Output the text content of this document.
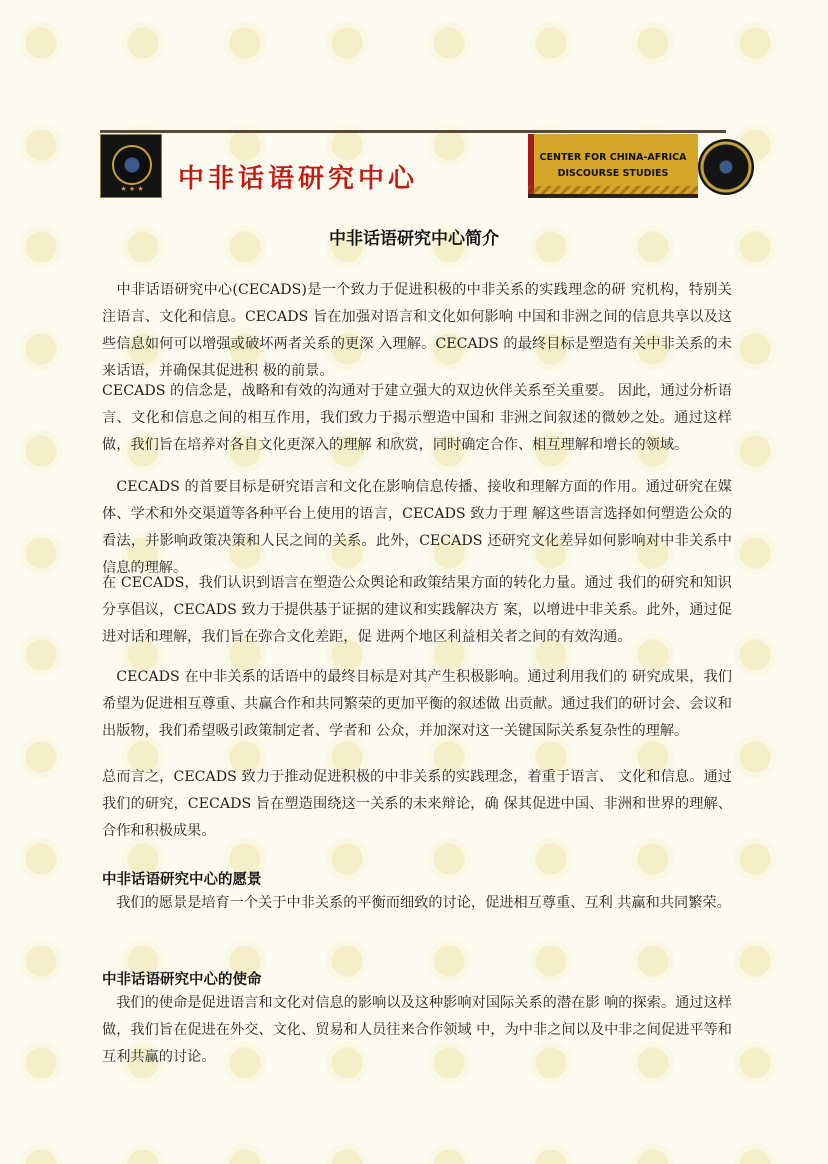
★ ★ ★	中非话语研究中心
CENTER FOR CHINA-AFRICA
DISCOURSE STUDIES
中非话语研究中心简介

　中非话语研究中心(CECADS)是一个致力于促进积极的中非关系的实践理念的研 究机构，特别关注语言、文化和信息。CECADS 旨在加强对语言和文化如何影响 中国和非洲之间的信息共享以及这些信息如何可以增强或破坏两者关系的更深 入理解。CECADS 的最终目标是塑造有关中非关系的未来话语，并确保其促进积 极的前景。

CECADS 的信念是，战略和有效的沟通对于建立强大的双边伙伴关系至关重要。 因此，通过分析语言、文化和信息之间的相互作用，我们致力于揭示塑造中国和 非洲之间叙述的微妙之处。通过这样做，我们旨在培养对各自文化更深入的理解 和欣赏，同时确定合作、相互理解和增长的领域。

　CECADS 的首要目标是研究语言和文化在影响信息传播、接收和理解方面的作用。通过研究在媒体、学术和外交渠道等各种平台上使用的语言，CECADS 致力于理 解这些语言选择如何塑造公众的看法，并影响政策决策和人民之间的关系。此外，CECADS 还研究文化差异如何影响对中非关系中信息的理解。

在 CECADS，我们认识到语言在塑造公众舆论和政策结果方面的转化力量。通过 我们的研究和知识分享倡议，CECADS 致力于提供基于证据的建议和实践解决方 案，以增进中非关系。此外，通过促进对话和理解，我们旨在弥合文化差距，促 进两个地区利益相关者之间的有效沟通。

　CECADS 在中非关系的话语中的最终目标是对其产生积极影响。通过利用我们的 研究成果，我们希望为促进相互尊重、共赢合作和共同繁荣的更加平衡的叙述做 出贡献。通过我们的研讨会、会议和出版物，我们希望吸引政策制定者、学者和 公众，并加深对这一关键国际关系复杂性的理解。

总而言之，CECADS 致力于推动促进积极的中非关系的实践理念，着重于语言、 文化和信息。通过我们的研究，CECADS 旨在塑造围绕这一关系的未来辩论，确 保其促进中国、非洲和世界的理解、合作和积极成果。

中非话语研究中心的愿景

　我们的愿景是培育一个关于中非关系的平衡而细致的讨论，促进相互尊重、互利 共赢和共同繁荣。

中非话语研究中心的使命

　我们的使命是促进语言和文化对信息的影响以及这种影响对国际关系的潜在影 响的探索。通过这样做，我们旨在促进在外交、文化、贸易和人员往来合作领域 中，为中非之间以及中非之间促进平等和互利共赢的讨论。
